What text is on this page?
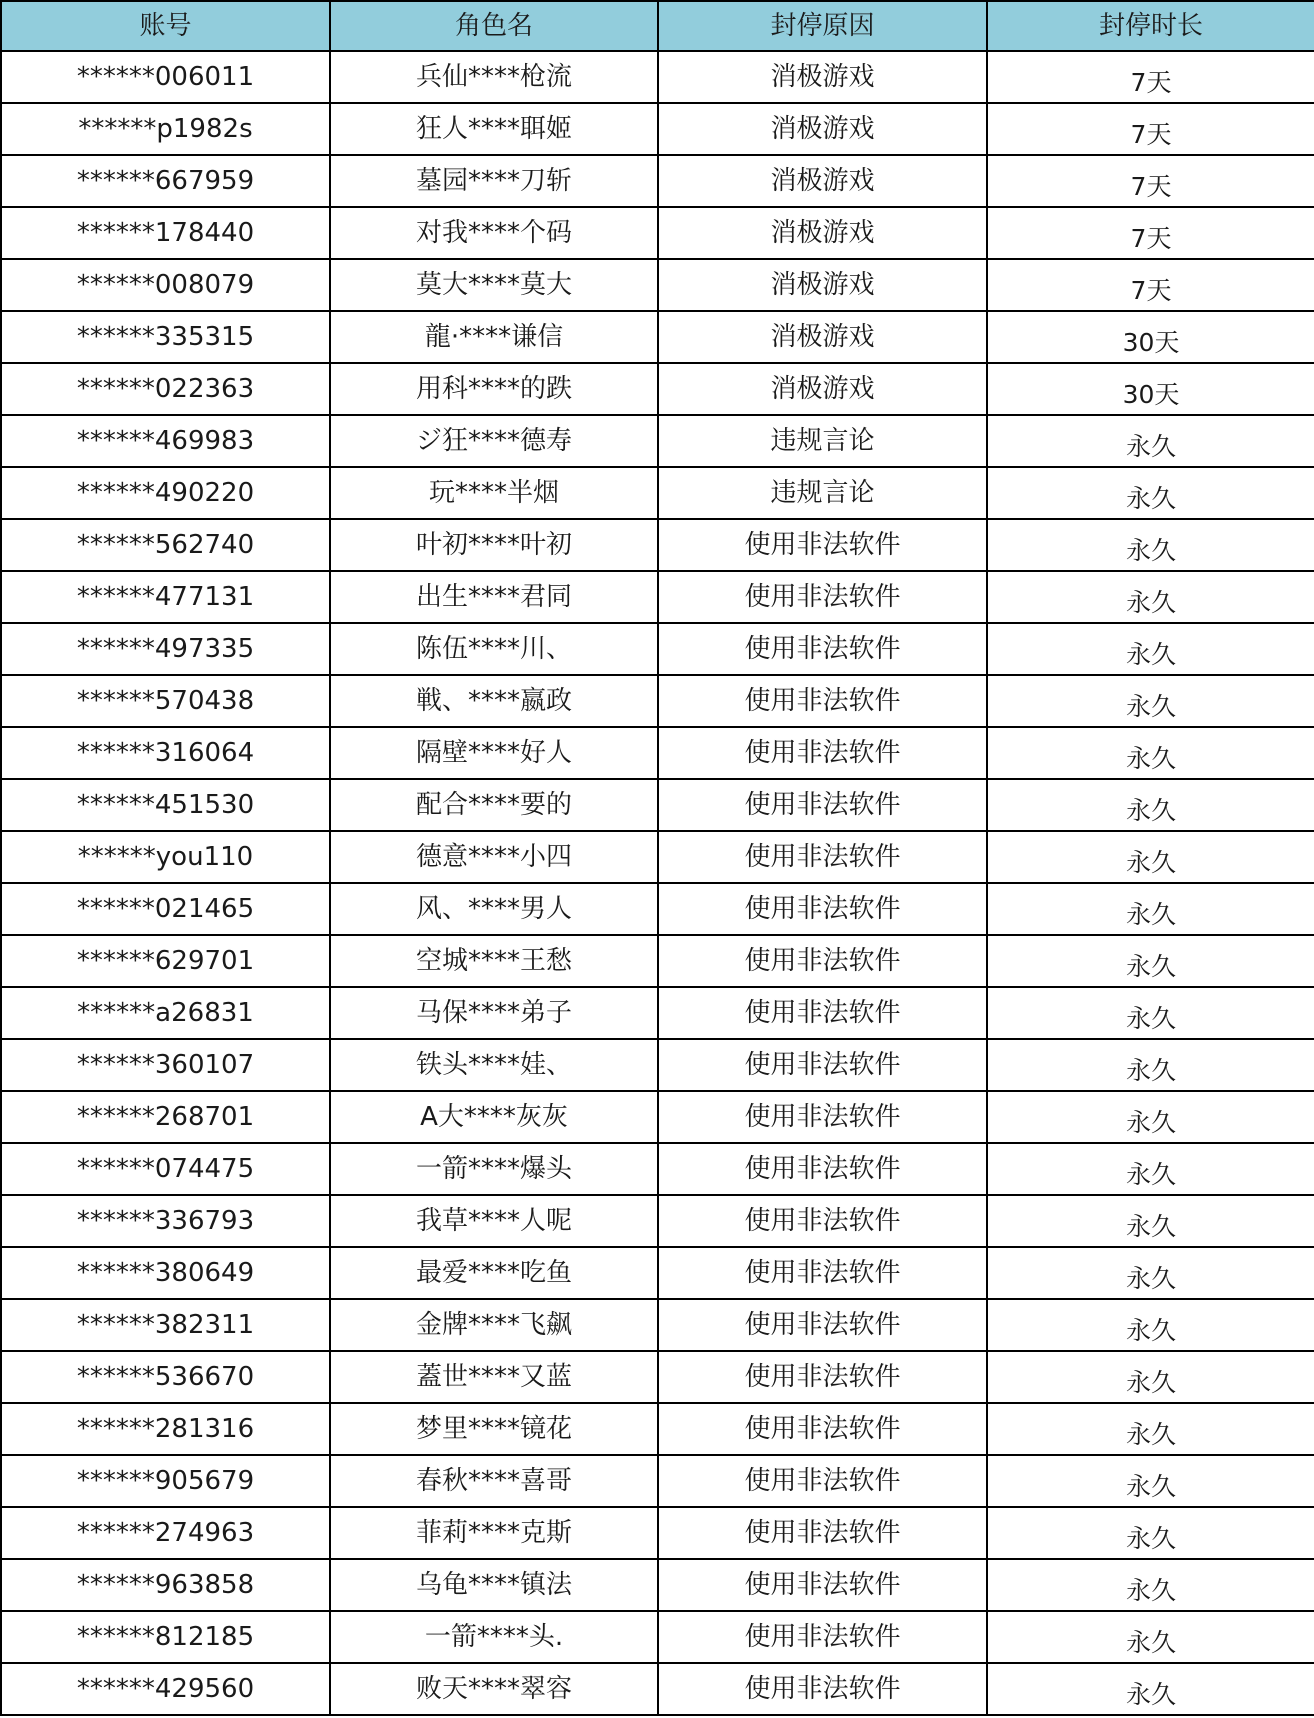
账号	角色名	封停原因	封停时长
******006011	兵仙****枪流	消极游戏	7天
******p1982s	狂人****聑姬	消极游戏	7天
******667959	墓园****刀斩	消极游戏	7天
******178440	对我****个码	消极游戏	7天
******008079	莫大****莫大	消极游戏	7天
******335315	龍·****谦信	消极游戏	30天
******022363	用科****的跌	消极游戏	30天
******469983	ジ狂****德寿	违规言论	永久
******490220	玩****半烟	违规言论	永久
******562740	叶初****叶初	使用非法软件	永久
******477131	出生****君同	使用非法软件	永久
******497335	陈伍****川、	使用非法软件	永久
******570438	戦、****嬴政	使用非法软件	永久
******316064	隔壁****好人	使用非法软件	永久
******451530	配合****要的	使用非法软件	永久
******you110	德意****小四	使用非法软件	永久
******021465	风、****男人	使用非法软件	永久
******629701	空城****王愁	使用非法软件	永久
******a26831	马保****弟子	使用非法软件	永久
******360107	铁头****娃、	使用非法软件	永久
******268701	A大****灰灰	使用非法软件	永久
******074475	一箭****爆头	使用非法软件	永久
******336793	我草****人呢	使用非法软件	永久
******380649	最爱****吃鱼	使用非法软件	永久
******382311	金牌****飞飙	使用非法软件	永久
******536670	蓋世****又蓝	使用非法软件	永久
******281316	梦里****镜花	使用非法软件	永久
******905679	春秋****喜哥	使用非法软件	永久
******274963	菲莉****克斯	使用非法软件	永久
******963858	乌龟****镇法	使用非法软件	永久
******812185	一箭****头.	使用非法软件	永久
******429560	败天****翠容	使用非法软件	永久
